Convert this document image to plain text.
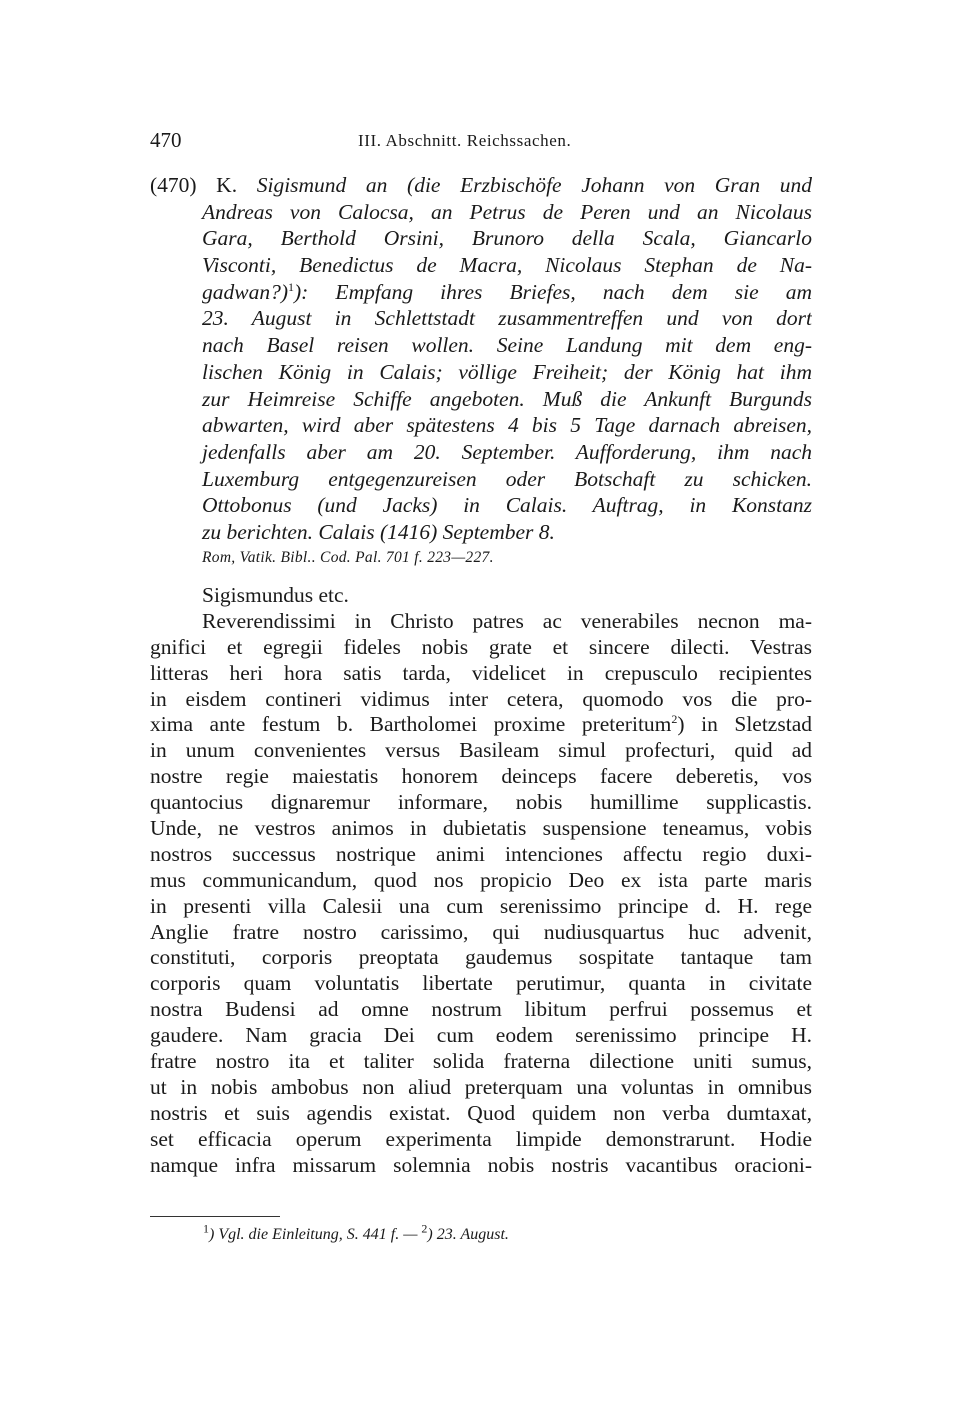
470	III. Abschnitt. Reichssachen.
(470) K. Sigismund an (die Erzbischöfe Johann von Gran und
Andreas von Calocsa, an Petrus de Peren und an Nicolaus
Gara, Berthold Orsini, Brunoro della Scala, Giancarlo
Visconti, Benedictus de Macra, Nicolaus Stephan de Na-
gadwan?)$^1$): Empfang ihres Briefes, nach dem sie am
23. August in Schlettstadt zusammentreffen und von dort
nach Basel reisen wollen. Seine Landung mit dem eng-
lischen König in Calais; völlige Freiheit; der König hat ihm
zur Heimreise Schiffe angeboten. Muß die Ankunft Burgunds
abwarten, wird aber spätestens 4 bis 5 Tage darnach abreisen,
jedenfalls aber am 20. September. Aufforderung, ihm nach
Luxemburg entgegenzureisen oder Botschaft zu schicken.
Ottobonus (und Jacks) in Calais. Auftrag, in Konstanz
zu berichten. Calais (1416) September 8.
Rom, Vatik. Bibl.. Cod. Pal. 701 f. 223—227.
Sigismundus etc.
Reverendissimi in Christo patres ac venerabiles necnon ma-
gnifici et egregii fideles nobis grate et sincere dilecti. Vestras
litteras heri hora satis tarda, videlicet in crepusculo recipientes
in eisdem contineri vidimus inter cetera, quomodo vos die pro-
xima ante festum b. Bartholomei proxime preteritum$^2$) in Sletzstad
in unum convenientes versus Basileam simul profecturi, quid ad
nostre regie maiestatis honorem deinceps facere deberetis, vos
quantocius dignaremur informare, nobis humillime supplicastis.
Unde, ne vestros animos in dubietatis suspensione teneamus, vobis
nostros successus nostrique animi intenciones affectu regio duxi-
mus communicandum, quod nos propicio Deo ex ista parte maris
in presenti villa Calesii una cum serenissimo principe d. H. rege
Anglie fratre nostro carissimo, qui nudiusquartus huc advenit,
constituti, corporis preoptata gaudemus sospitate tantaque tam
corporis quam voluntatis libertate perutimur, quanta in civitate
nostra Budensi ad omne nostrum libitum perfrui possemus et
gaudere. Nam gracia Dei cum eodem serenissimo principe H.
fratre nostro ita et taliter solida fraterna dilectione uniti sumus,
ut in nobis ambobus non aliud preterquam una voluntas in omnibus
nostris et suis agendis existat. Quod quidem non verba dumtaxat,
set efficacia operum experimenta limpide demonstrarunt. Hodie
namque infra missarum solemnia nobis nostris vacantibus oracioni-
$^1$) Vgl. die Einleitung, S. 441 f. — $^2$) 23. August.
